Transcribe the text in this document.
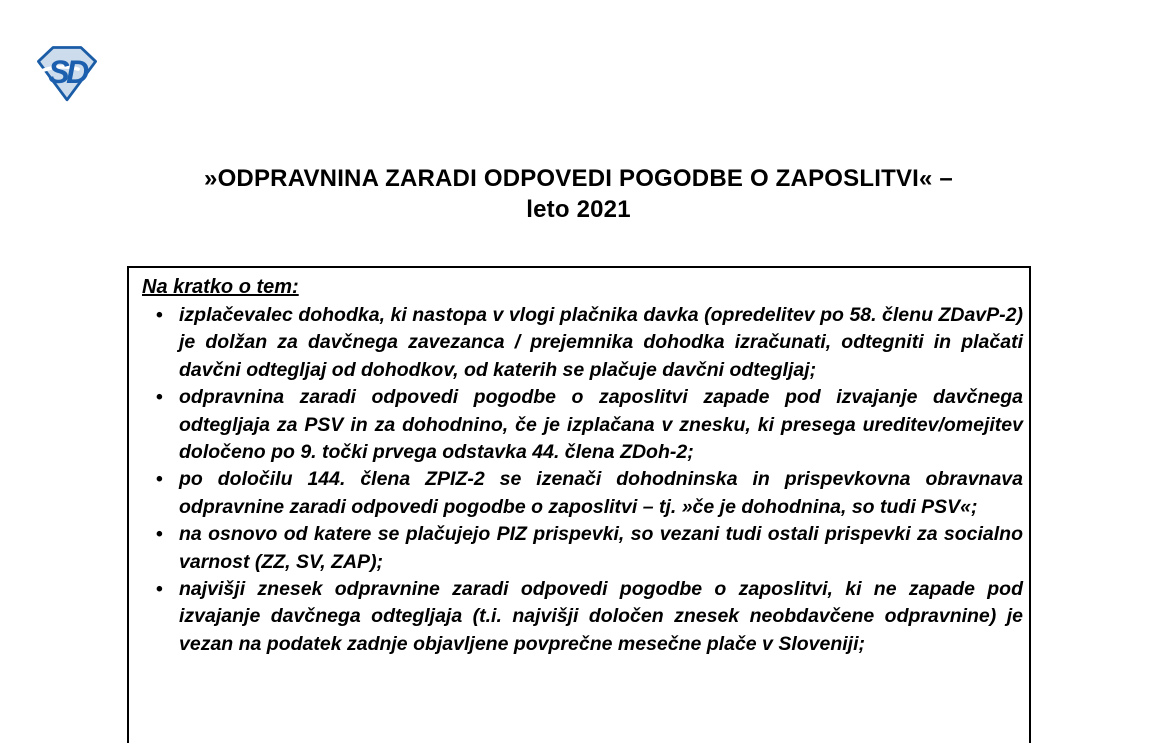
SD
»ODPRAVNINA ZARADI ODPOVEDI POGODBE O ZAPOSLITVI« –
leto 2021

Na kratko o tem:

• izplačevalec dohodka, ki nastopa v vlogi plačnika davka (opredelitev po 58. členu ZDavP-2) je dolžan za davčnega zavezanca / prejemnika dohodka izračunati, odtegniti in plačati davčni odtegljaj od dohodkov, od katerih se plačuje davčni odtegljaj;
• odpravnina zaradi odpovedi pogodbe o zaposlitvi zapade pod izvajanje davčnega odtegljaja za PSV in za dohodnino, če je izplačana v znesku, ki presega ureditev/omejitev določeno po 9. točki prvega odstavka 44. člena ZDoh-2;
• po določilu 144. člena ZPIZ-2 se izenači dohodninska in prispevkovna obravnava odpravnine zaradi odpovedi pogodbe o zaposlitvi – tj. »če je dohodnina, so tudi PSV«;
• na osnovo od katere se plačujejo PIZ prispevki, so vezani tudi ostali prispevki za socialno varnost (ZZ, SV, ZAP);
• najvišji znesek odpravnine zaradi odpovedi pogodbe o zaposlitvi, ki ne zapade pod izvajanje davčnega odtegljaja (t.i. najvišji določen znesek neobdavčene odpravnine) je vezan na podatek zadnje objavljene povprečne mesečne plače v Sloveniji;
